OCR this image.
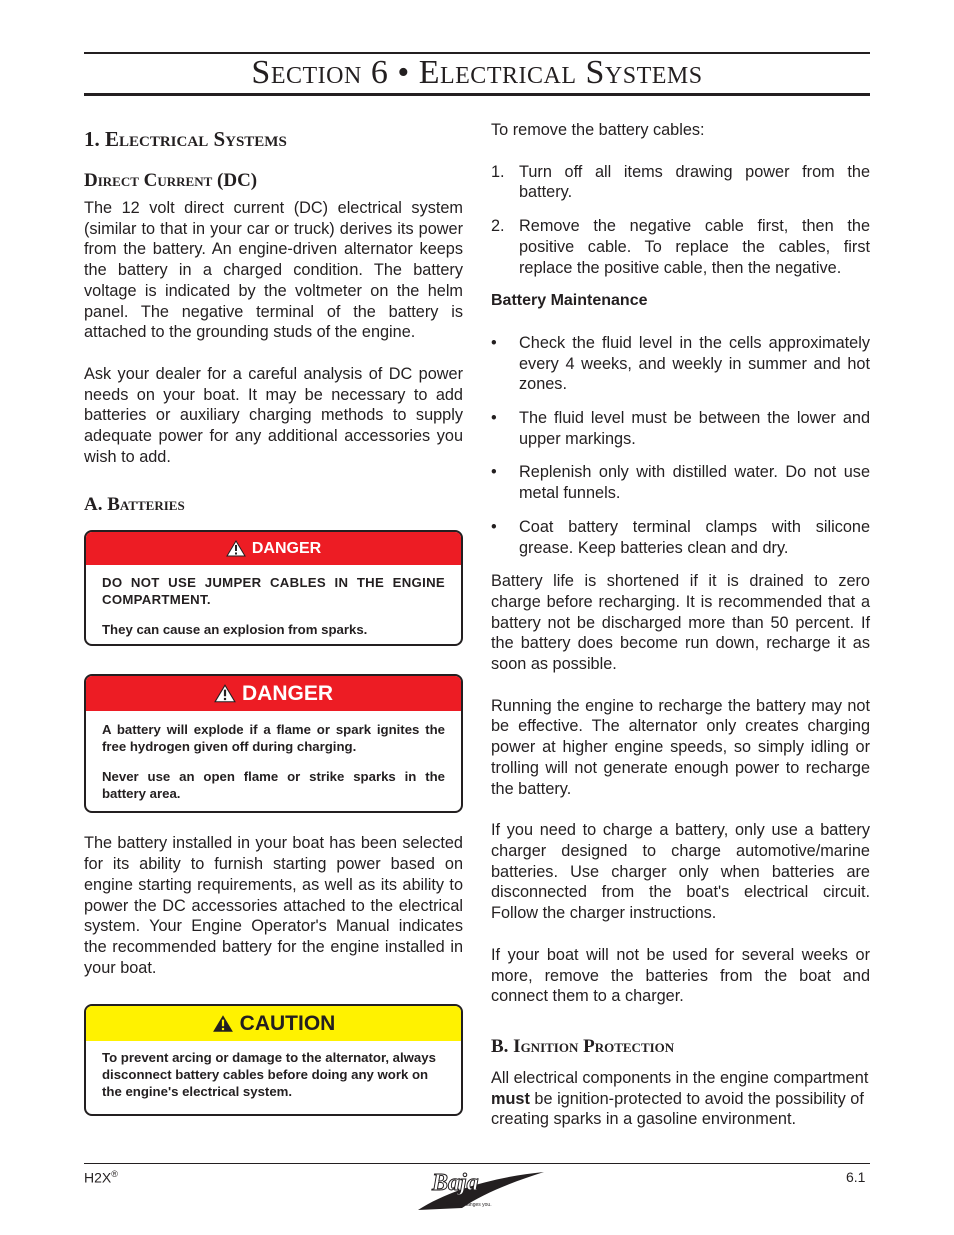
Section 6 • Electrical Systems
1. Electrical Systems
Direct Current (DC)

The 12 volt direct current (DC) electrical system (similar to that in your car or truck) derives its power from the battery. An engine-driven alternator keeps the battery in a charged condition. The battery voltage is indicated by the voltmeter on the helm panel. The negative terminal of the battery is attached to the grounding studs of the engine.

Ask your dealer for a careful analysis of DC power needs on your boat. It may be necessary to add batteries or auxiliary charging methods to supply adequate power for any additional accessories you wish to add.

A. Batteries
DANGER

DO NOT USE JUMPER CABLES IN THE ENGINE COMPARTMENT.

They can cause an explosion from sparks.

DANGER

A battery will explode if a flame or spark ignites the free hydrogen given off during charging.

Never use an open flame or strike sparks in the battery area.

The battery installed in your boat has been selected for its ability to furnish starting power based on engine starting requirements, as well as its ability to power the DC accessories attached to the electrical system. Your Engine Operator's Manual indicates the recommended battery for the engine installed in your boat.

CAUTION

To prevent arcing or damage to the alternator, always disconnect battery cables before doing any work on the engine's electrical system.

To remove the battery cables:

1. Turn off all items drawing power from the battery.
2. Remove the negative cable first, then the positive cable. To replace the cables, first replace the positive cable, then the negative.

Battery Maintenance

• Check the fluid level in the cells approximately every 4 weeks, and weekly in summer and hot zones.
• The fluid level must be between the lower and upper markings.
• Replenish only with distilled water. Do not use metal funnels.
• Coat battery terminal clamps with silicone grease. Keep batteries clean and dry.

Battery life is shortened if it is drained to zero charge before recharging. It is recommended that a battery not be discharged more than 50 percent. If the battery does become run down, recharge it as soon as possible.

Running the engine to recharge the battery may not be effective. The alternator only creates charging power at higher engine speeds, so simply idling or trolling will not generate enough power to recharge the battery.

If you need to charge a battery, only use a battery charger designed to charge automotive/marine batteries. Use charger only when batteries are disconnected from the boat's electrical circuit. Follow the charger instructions.

If your boat will not be used for several weeks or more, remove the batteries from the boat and connect them to a charger.

B. Ignition Protection

All electrical components in the engine compartment must be ignition-protected to avoid the possibility of creating sparks in a gasoline environment.

H2X®	Baja
Speed changes you.
6.1
